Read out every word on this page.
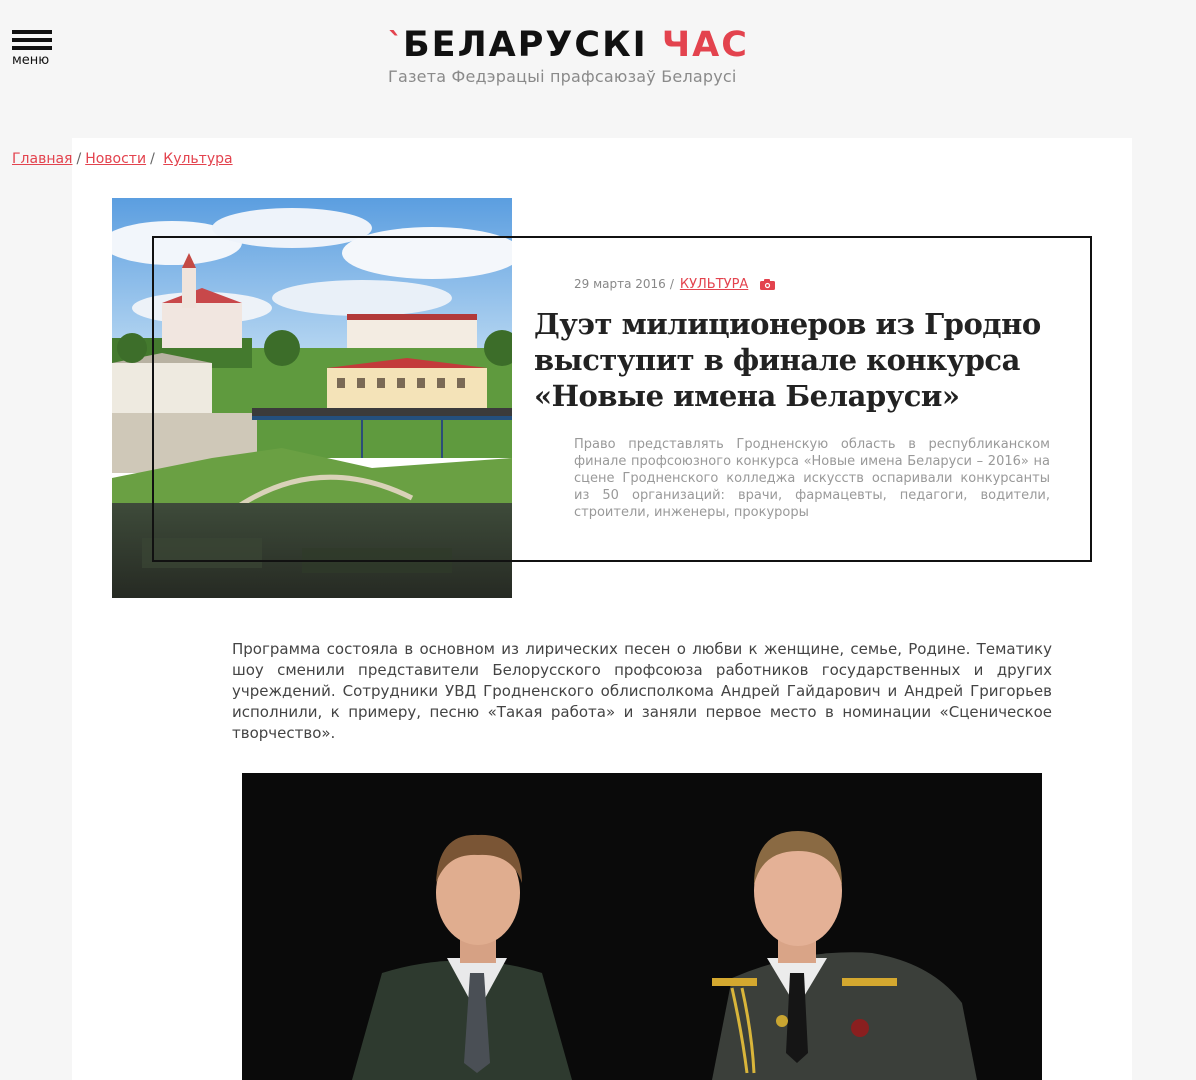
меню	ˋБЕЛАРУСКІ ЧАС
Газета Федэрацыі прафсаюзаў Беларусі
Главная / Новости / Культура
29 марта 2016 / КУЛЬТУРА
Дуэт милиционеров из Гродно выступит в финале конкурса «Новые имена Беларуси»

Право представлять Гродненскую область в республиканском финале профсоюзного конкурса «Новые имена Беларуси – 2016» на сцене Гродненского колледжа искусств оспаривали конкурсанты из 50 организаций: врачи, фармацевты, педагоги, водители, строители, инженеры, прокуроры

Программа состояла в основном из лирических песен о любви к женщине, семье, Родине. Тематику шоу сменили представители Белорусского профсоюза работников государственных и других учреждений. Сотрудники УВД Гродненского облисполкома Андрей Гайдарович и Андрей Григорьев исполнили, к примеру, песню «Такая работа» и заняли первое место в номинации «Сценическое творчество».
